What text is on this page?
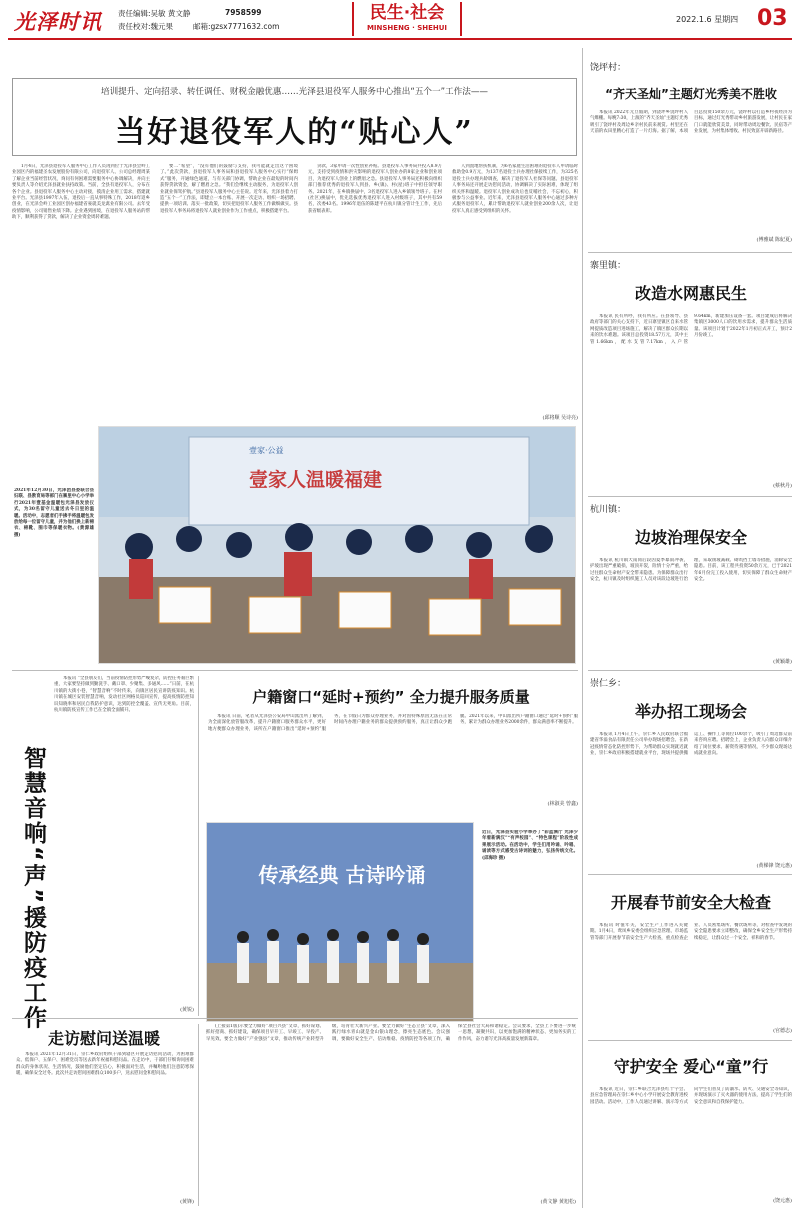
光泽时讯 责任编辑:吴敏 黄文静	7958599
责任校对:魏元果	邮箱:gzsx7771632.com
民生·社会
MINSHENG · SHEHUI
2022.1.6 星期四 03
培训提升、定向招录、转任调任、财税金融优惠……光泽县退役军人服务中心推出“五个一”工作法——
当好退役军人的“贴心人”
1月4日，光泽县退役军人服务中心工作人员再到位于光泽县会岭工业园区内的福建圣农发展股份有限公司，向退役军人、公司总经理周某了解企业当前经营状况，询问有何困难需要服务中心协调解决，并向主要负责人等介绍光泽县就业扶持政策。当前，全县有退役军人，分布在各个企业。县退役军人服务中心主动对接，摸清企业用工需求，搭建就业平台。光泽县1997年入伍，退役后一直从事特殊工作，2018年返乡创业，在光泽会岭工业园区创办福建省豪就美龙禽业有限公司。去年受疫情影响，公司销售业绩下降。企业遇到困境，在退役军人服务站的帮助下，顺利获得了贷款，解决了企业资金周转难题。
要二“希望”，“没有他们的鼓励与支持，我可能就走出这个困境了。”此次贷款，县退役军人事务局和县退役军人服务中心实行“保姆式”服务，开通绿色通道，与有关部门协调，帮助企业在最短的时间内获得贷款资金，解了燃眉之急。“我们会继续主动服务，为退役军人创业就业保驾护航。”县退役军人服务中心主任说。近年来，光泽县着力打造“五个一”工作法，即建立一本台账、开展一次走访、组织一场招聘、提供一项培训、落实一批政策，切实把退役军人服务工作做细做实。县退役军人事务局将退役军人就业创业作为工作重点，积极搭建平台。
贷款，3家申请一次性创业补贴。县退役军人事务局共投入8.9万元，支持受到疫情和洪灾影响的退役军人创业办的8家企业和创业项目，为退役军人创业上的燃眉之急。县退役军人事务局还积极向组织部门推荐优秀的退役军人到县、乡(镇)、村(屋)班子中担任领导职务。2021年，在乡镇换届中，3名退役军人进入乡镇领导班子。在村(社区)换届中，优先选拔优秀退役军人进入村级班子，其中共有59名，次委43名。1996年退伍的陈建平在杭川镇分管计生工作，先后获省级表彰。
人到置地帮扶机制，为6名家庭生活困难的退役军人申请临时救助金0.9万元，为137名退役士兵办理社保接续工作，为325名退役士兵办理兵龄调查，解决了退役军人社保等问题。县退役军人事务局还开展走访慰问活动，协调解决了实际困难，体现了组织关怀和温暖。退役军人创业成功后也反哺社会，不忘初心，积极参与公益事业。近年来，光泽县退役军人服务中心通过多种方式服务退役军人，累计帮助退役军人就业创业200余人次，让退役军人真正感受到组织的关怀。
(邱将顺 吴诗亮)
2021年12月30日，光泽团县委联合县妇联、县教育局等部门在寨里中心小学举行2021年壹基金温暖包光泽县发放仪式，为30名留守儿童送去冬日里的温暖。活动中，志愿者们手拂手将温暖包发放给每一位留守儿童，并为他们换上新棉衣、棉靴、围巾等保暖衣物。(黄源雄 摄)
壹家·公益
壹家人温暖福建
智慧音响“声”援防疫工作
本报讯 “全县朋友们，当前疫情防控形势严峻复杂，防控任务艰巨繁重，大家要坚持做到勤洗手、戴口罩、少聚集、多通风……”日前，在杭川镇的大街小巷，“智慧音响”不时传来，向镇区居民宣讲防疫知识。杭川镇在城区安装智慧音响，发动社区网格员巡回宣传，提高疫情防控知识知晓率和居民自我防护意识，达到防控全覆盖、宣传无死角。目前，杭川镇防疫宣传工作已在全镇全面铺开。
(黄锐)
户籍窗口“延时+预约” 全力提升服务质量
本报讯 日前，笔者从光泽县公安局中山派出所了解到，为全面深化放管服改革，提升户籍窗口服务群众水平，更好地方便群众办理业务，该所在户籍窗口推出“延时+预约”服务，在节假日为群众办理业务，并对因特殊原因无法在正常时间内办理户籍业务的群众提供预约服务，真正让群众少跑腿。2021年以来，中山派出所户籍窗口通过“延时+预约”服务，累计为群众办理业务2000余件，群众满意率不断提升。
(林淑美 曾鑫)
传承经典 古诗吟诵
近日，光泽县实验小学举办了“彩蓝满厅 光泽少年看新满汉”“有声校园”、“特色课程”阶段性成果展示活动。在活动中，学生们用吟诵、吟唱、诵读等方式感受古诗词的魅力，弘扬传统文化。(邱海珍 摄)
走访慰问送温暖
本报讯 2021年12月31日，崇仁乡政府组织干部到辖区开展走访慰问活动，为困难群众、低保户、五保户、困难党员等送去新年祝福和慰问品。在走访中，干部们仔细询问困难群众的身体状况、生活情况，鼓励他们坚定信心，积极面对生活，并嘱咐他们注意防寒保暖，确保安全过冬。此次共走访慰问困难群众100多户，送去慰问金和慰问品。
(黄锋)
(上接第1版)示要全力做好“项目兴县”文章，抓好谋划、抓好招商、抓好建设，确保项目早开工、早竣工、早投产、早见效。要全力做好“产业强县”文章，推动传统产业转型升级，培育壮大新兴产业。要全力做好“生态立县”文章，深入践行绿水青山就是金山银山理念，擦亮生态底色。会议强调，要做好安全生产、信访维稳、疫情防控等各项工作，确保全县社会大局和谐稳定。会议要求，全县上下要进一步统一思想，凝聚共识，以更加饱满的精神状态、更加务实的工作作风，奋力谱写光泽高质量发展新篇章。
(黄文静 黄旭松)
饶坪村：
“齐天圣灿”主题灯光秀美不胜收
本报讯 2022年元旦假期，到饶坪乡饶坪村人气爆棚。每晚7:30，上演的“齐天圣灿”主题灯光秀吸引了饶坪村及周边乡亲村民前来观赏。村里还在天前的农田里精心打造了一片灯海。据了解，本项目总投资150余万元，饶坪村以打造乡村夜经济为目标，通过灯光秀带动乡村旅游发展，让村民在家门口就能欣赏美景，同时带动周边餐饮、民宿等产业发展，为村集体增收、村民致富开辟新路径。
(傅雅斌 陈紀夏)
寨里镇：
改造水网惠民生
本报讯 民有所呼，我有所应。在县领导、县政府等部门的关心支持下，近日寨里镇区自来水管网提质改造项目进场施工，解决了镇区群众长期以来的饮水难题。该项目总投资18.57万元，其中主管1.66km，配水支管7.17km，入户管9.64km，新建加压设备一套。项目建成后将解决集镇区3000人口的饮用水需求，提升群众生活质量。该项目计划于2022年1月初正式开工，预计2月份竣工。
(蔡秋丹)
杭川镇：
边坡治理保安全
本报讯 杭川镇大南岗后段因夏季暴雨冲袭，护坡出现严重破损，坡顶开裂，险情十分严重，给过往群众生命财产安全带来隐患。为保障群众出行安全，杭川镇及时组织施工人员对该段边坡进行治理，采取削坡减载、砌筑挡土墙等措施，消除安全隐患。目前，该工程共投资50余万元，已于2021年6月份完工投入使用，切实保障了群众生命财产安全。
(黄颖雄)
崇仁乡：
举办招工现场会
本报讯 1月4日上午，崇仁乡人民政府联合福建省华溢食品有限责任公司举办现场招聘会。在新冠疫情常态化防控形势下，为帮助群众实现就近就业，崇仁乡政府积极搭建就业平台，现场共提供搬运工、操作工等岗位100余个，吸引了周边群众前来咨询应聘。招聘会上，企业负责人向群众详细介绍了岗位要求、薪资待遇等情况，不少群众现场达成就业意向。
(黄梯锋 饶元惠)
开展春节前安全大检查
本报讯 时值年关，安全生产工作进入关键期。1月4日，鸾凤乡安委会组织应急管理、市场监管等部门开展春节前安全生产大检查，重点检查企业、人员密集场所、餐饮场所等，对检查中发现的安全隐患要求立即整改，确保全乡安全生产形势持续稳定，让群众过一个安全、祥和的春节。
(官德志)
守护安全 爱心“童”行
本报讯 近日，崇仁乡联合光泽县红十字会、县应急管理局在崇仁乡中心小学开展安全教育进校园活动。活动中，工作人员通过讲解、演示等方式向学生们普及了防溺水、防火、交通安全等知识，并现场演示了灭火器的使用方法，提高了学生们的安全意识和自我保护能力。
(饶元惠)
